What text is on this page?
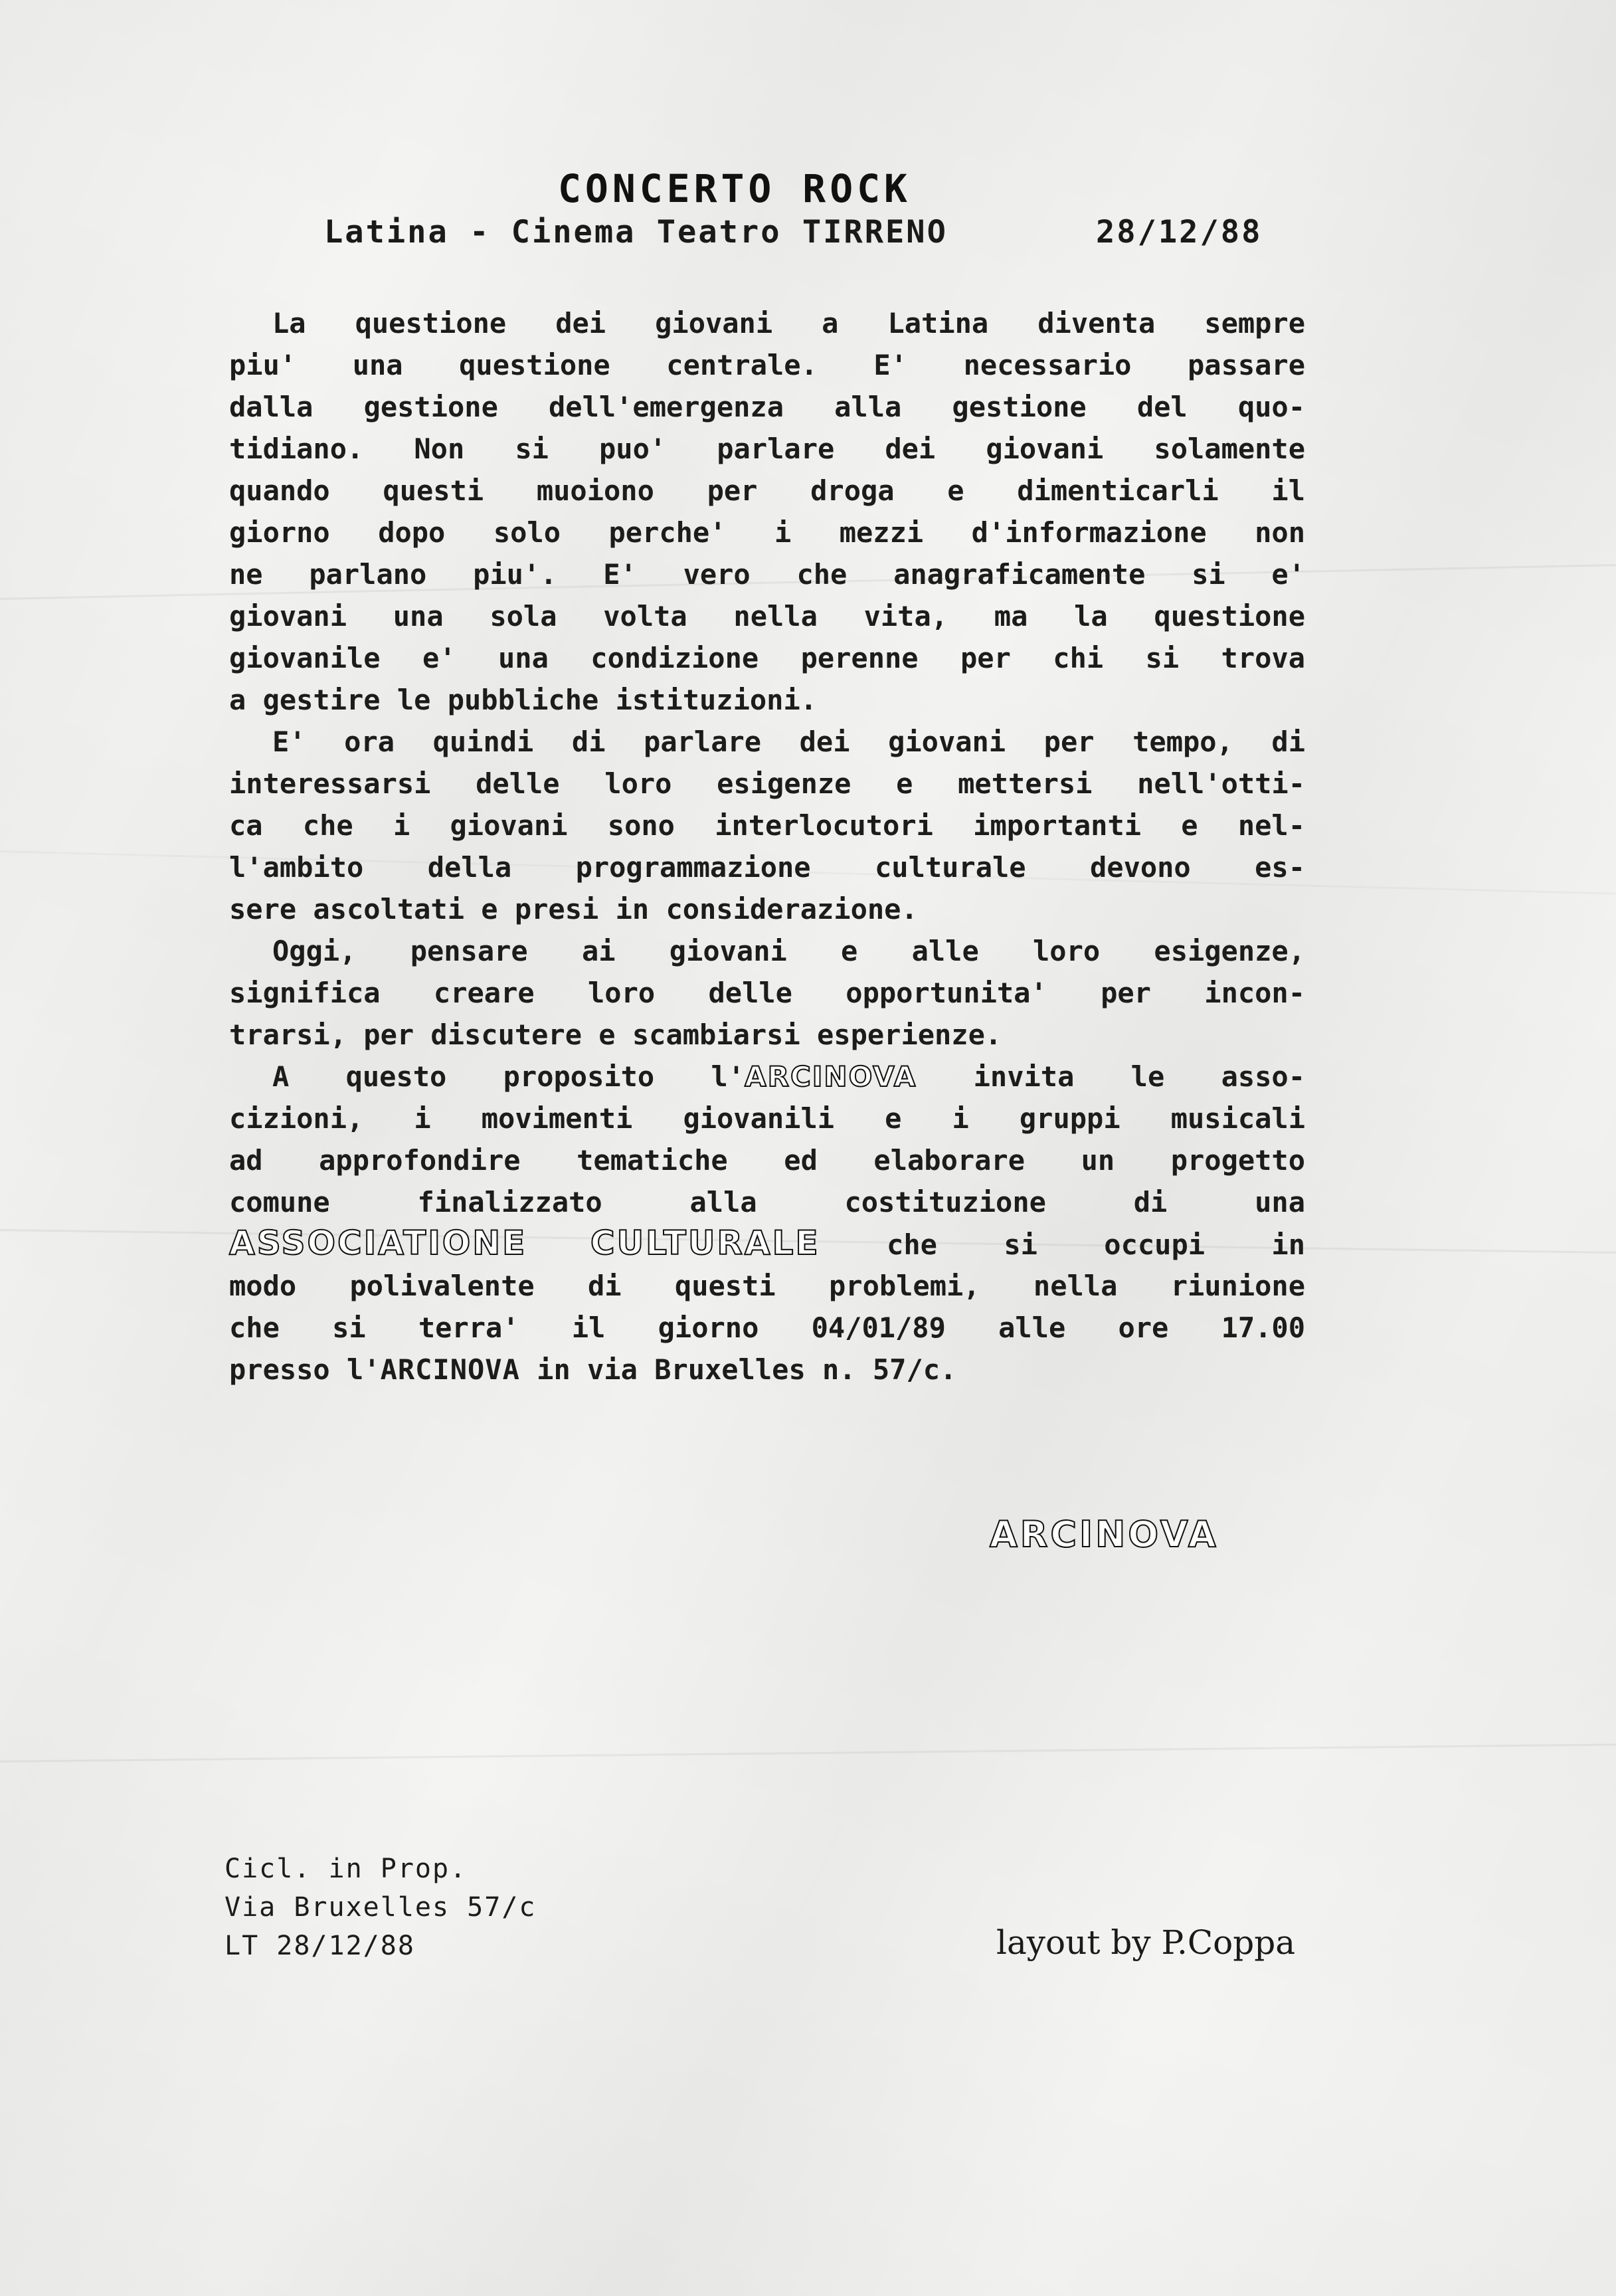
CONCERTO ROCK
Latina - Cinema Teatro TIRRENO	28/12/88
La questione dei giovani a Latina diventa sempre
piu' una questione centrale. E' necessario passare
dalla gestione dell'emergenza alla gestione del quo-
tidiano. Non si puo' parlare dei giovani solamente
quando questi muoiono per droga e dimenticarli il
giorno dopo solo perche' i mezzi d'informazione non
ne parlano piu'. E' vero che anagraficamente si e'
giovani una sola volta nella vita, ma la questione
giovanile e' una condizione perenne per chi si trova
a gestire le pubbliche istituzioni.
E' ora quindi di parlare dei giovani per tempo, di
interessarsi delle loro esigenze e mettersi nell'otti-
ca che i giovani sono interlocutori importanti e nel-
l'ambito della programmazione culturale devono es-
sere ascoltati e presi in considerazione.
Oggi, pensare ai giovani e alle loro esigenze,
significa creare loro delle opportunita' per incon-
trarsi, per discutere e scambiarsi esperienze.
A questo proposito l'ARCINOVA invita le asso-
cizioni, i movimenti giovanili e i gruppi musicali
ad approfondire tematiche ed elaborare un progetto
comune finalizzato alla costituzione di una
ASSOCIATIONE CULTURALE che si occupi in
modo polivalente di questi problemi, nella riunione
che si terra' il giorno 04/01/89 alle ore 17.00
presso l'ARCINOVA in via Bruxelles n. 57/c.
ARCINOVA
Cicl. in Prop.
Via Bruxelles 57/c
LT 28/12/88	layout by P.Coppa
